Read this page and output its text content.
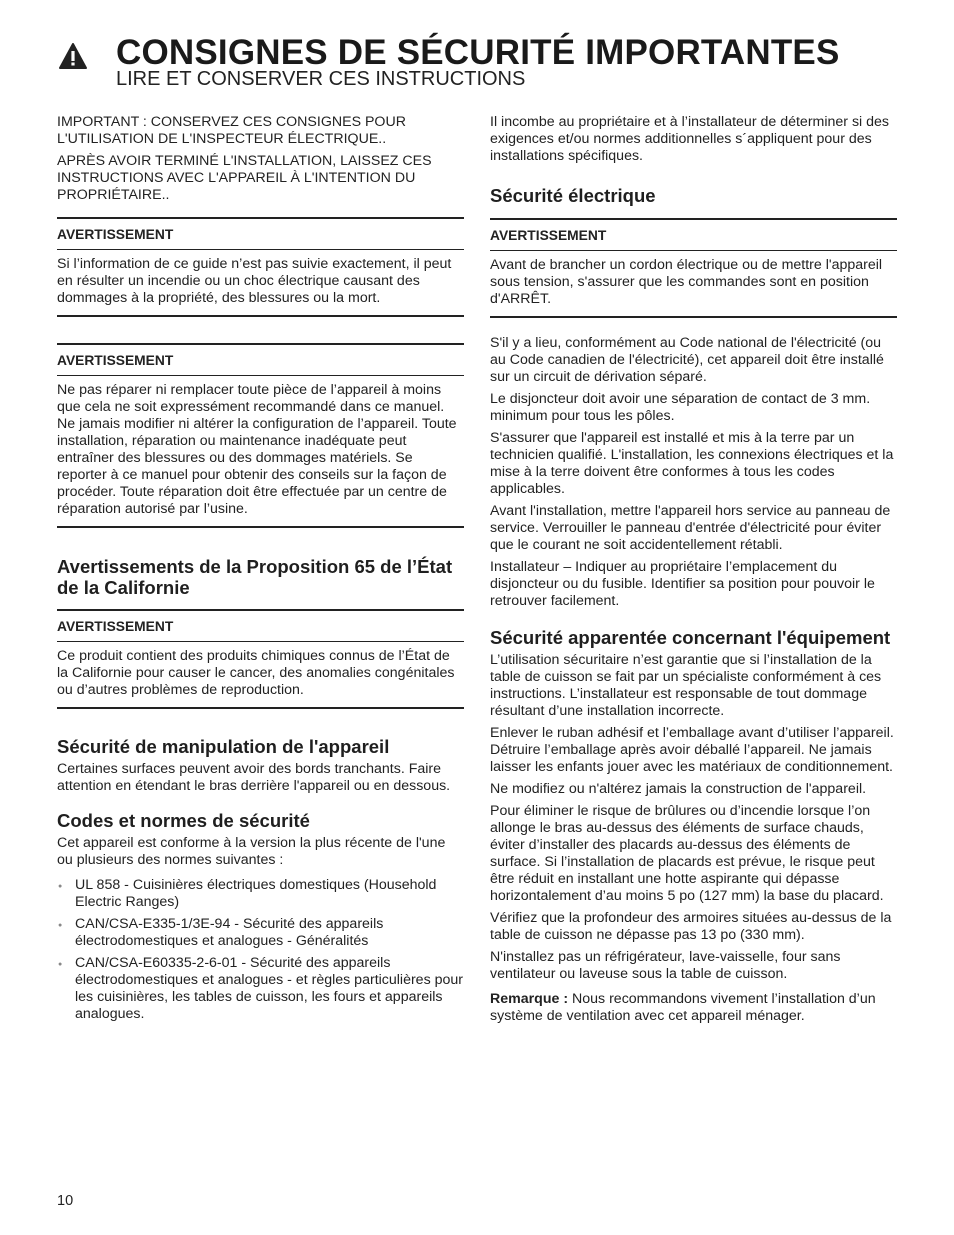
CONSIGNES DE SÉCURITÉ IMPORTANTES
LIRE ET CONSERVER CES INSTRUCTIONS

IMPORTANT : CONSERVEZ CES CONSIGNES POUR L'UTILISATION DE L'INSPECTEUR ÉLECTRIQUE..

APRÈS AVOIR TERMINÉ L'INSTALLATION, LAISSEZ CES INSTRUCTIONS AVEC L'APPAREIL À L'INTENTION DU PROPRIÉTAIRE..

AVERTISSEMENT

Si l’information de ce guide n’est pas suivie exactement, il peut en résulter un incendie ou un choc électrique causant des dommages à la propriété, des blessures ou la mort.

AVERTISSEMENT

Ne pas réparer ni remplacer toute pièce de l’appareil à moins que cela ne soit expressément recommandé dans ce manuel. Ne jamais modifier ni altérer la configuration de l’appareil. Toute installation, réparation ou maintenance inadéquate peut entraîner des blessures ou des dommages matériels. Se reporter à ce manuel pour obtenir des conseils sur la façon de procéder. Toute réparation doit être effectuée par un centre de réparation autorisé par l’usine.

Avertissements de la Proposition 65 de l’État de la Californie
AVERTISSEMENT

Ce produit contient des produits chimiques connus de l’État de la Californie pour causer le cancer, des anomalies congénitales ou d’autres problèmes de reproduction.

Sécurité de manipulation de l'appareil

Certaines surfaces peuvent avoir des bords tranchants. Faire attention en étendant le bras derrière l'appareil ou en dessous.

Codes et normes de sécurité

Cet appareil est conforme à la version la plus récente de l'une ou plusieurs des normes suivantes :

● UL 858 - Cuisinières électriques domestiques (Household Electric Ranges)
● CAN/CSA-E335-1/3E-94 - Sécurité des appareils électrodomestiques et analogues - Généralités
● CAN/CSA-E60335-2-6-01 - Sécurité des appareils électrodomestiques et analogues - et règles particulières pour les cuisinières, les tables de cuisson, les fours et appareils analogues.

Il incombe au propriétaire et à l’installateur de déterminer si des exigences et/ou normes additionnelles s´appliquent pour des installations spécifiques.

Sécurité électrique
AVERTISSEMENT

Avant de brancher un cordon électrique ou de mettre l'appareil sous tension, s'assurer que les commandes sont en position d'ARRÊT.

S'il y a lieu, conformément au Code national de l'électricité (ou au Code canadien de l'électricité), cet appareil doit être installé sur un circuit de dérivation séparé.

Le disjoncteur doit avoir une séparation de contact de 3 mm. minimum pour tous les pôles.

S'assurer que l'appareil est installé et mis à la terre par un technicien qualifié. L'installation, les connexions électriques et la mise à la terre doivent être conformes à tous les codes applicables.

Avant l'installation, mettre l'appareil hors service au panneau de service. Verrouiller le panneau d'entrée d'électricité pour éviter que le courant ne soit accidentellement rétabli.

Installateur – Indiquer au propriétaire l’emplacement du disjoncteur ou du fusible. Identifier sa position pour pouvoir le retrouver facilement.

Sécurité apparentée concernant l'équipement

L’utilisation sécuritaire n’est garantie que si l’installation de la table de cuisson se fait par un spécialiste conformément à ces instructions. L’installateur est responsable de tout dommage résultant d’une installation incorrecte.

Enlever le ruban adhésif et l’emballage avant d’utiliser l’appareil. Détruire l’emballage après avoir déballé l’appareil. Ne jamais laisser les enfants jouer avec les matériaux de conditionnement.

Ne modifiez ou n'altérez jamais la construction de l'appareil.

Pour éliminer le risque de brûlures ou d’incendie lorsque l’on allonge le bras au-dessus des éléments de surface chauds, éviter d’installer des placards au-dessus des éléments de surface. Si l’installation de placards est prévue, le risque peut être réduit en installant une hotte aspirante qui dépasse horizontalement d’au moins 5 po (127 mm) la base du placard.

Vérifiez que la profondeur des armoires situées au-dessus de la table de cuisson ne dépasse pas 13 po (330 mm).

N'installez pas un réfrigérateur, lave-vaisselle, four sans ventilateur ou laveuse sous la table de cuisson.

Remarque : Nous recommandons vivement l’installation d’un système de ventilation avec cet appareil ménager.

10
